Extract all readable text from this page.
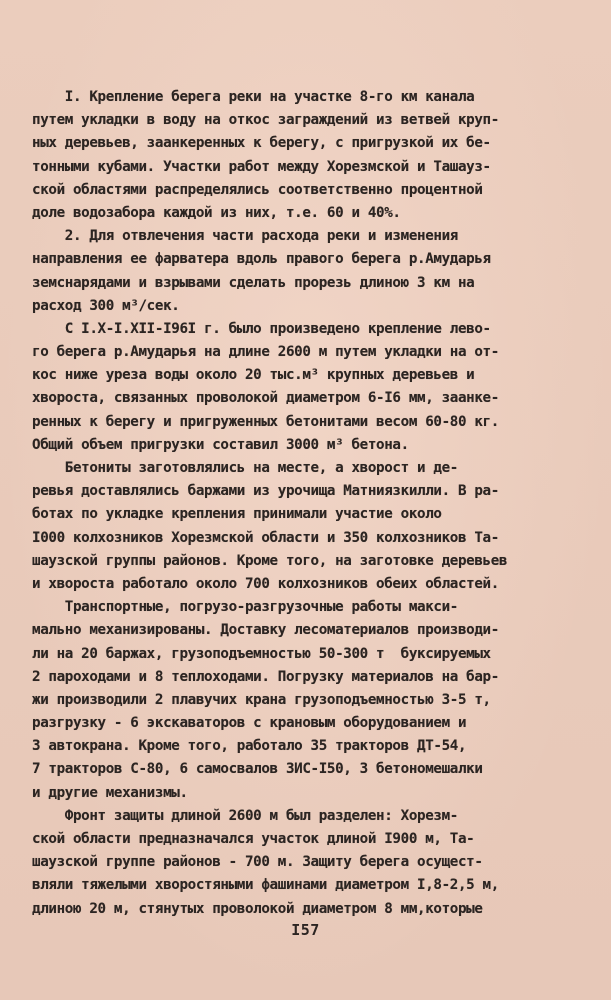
I. Крепление берега реки на участке 8-го км канала
путем укладки в воду на откос заграждений из ветвей круп-
ных деревьев, заанкеренных к берегу, с пригрузкой их бе-
тонными кубами. Участки работ между Хорезмской и Ташауз-
ской областями распределялись соответственно процентной
доле водозабора каждой из них, т.е. 60 и 40%.
2. Для отвлечения части расхода реки и изменения
направления ее фарватера вдоль правого берега р.Амударья
земснарядами и взрывами сделать прорезь длиною 3 км на
расход 300 м³/сек.
С I.X-I.XII-I96I г. было произведено крепление лево-
го берега р.Амударья на длине 2600 м путем укладки на от-
кос ниже уреза воды около 20 тыс.м³ крупных деревьев и
хвороста, связанных проволокой диаметром 6-I6 мм, заанке-
ренных к берегу и пригруженных бетонитами весом 60-80 кг.
Общий объем пригрузки составил 3000 м³ бетона.
Бетониты заготовлялись на месте, а хворост и де-
ревья доставлялись баржами из урочища Матниязкилли. В ра-
ботах по укладке крепления принимали участие около
I000 колхозников Хорезмской области и 350 колхозников Та-
шаузской группы районов. Кроме того, на заготовке деревьев
и хвороста работало около 700 колхозников обеих областей.
Транспортные, погрузо-разгрузочные работы макси-
мально механизированы. Доставку лесоматериалов производи-
ли на 20 баржах, грузоподъемностью 50-300 т  буксируемых
2 пароходами и 8 теплоходами. Погрузку материалов на бар-
жи производили 2 плавучих крана грузоподъемностью 3-5 т,
разгрузку - 6 экскаваторов с крановым оборудованием и
3 автокрана. Кроме того, работало 35 тракторов ДТ-54,
7 тракторов С-80, 6 самосвалов ЗИС-I50, 3 бетономешалки
и другие механизмы.
Фронт защиты длиной 2600 м был разделен: Хорезм-
ской области предназначался участок длиной I900 м, Та-
шаузской группе районов - 700 м. Защиту берега осущест-
вляли тяжелыми хворостяными фашинами диаметром I,8-2,5 м,
длиною 20 м, стянутых проволокой диаметром 8 мм,которые
I57
